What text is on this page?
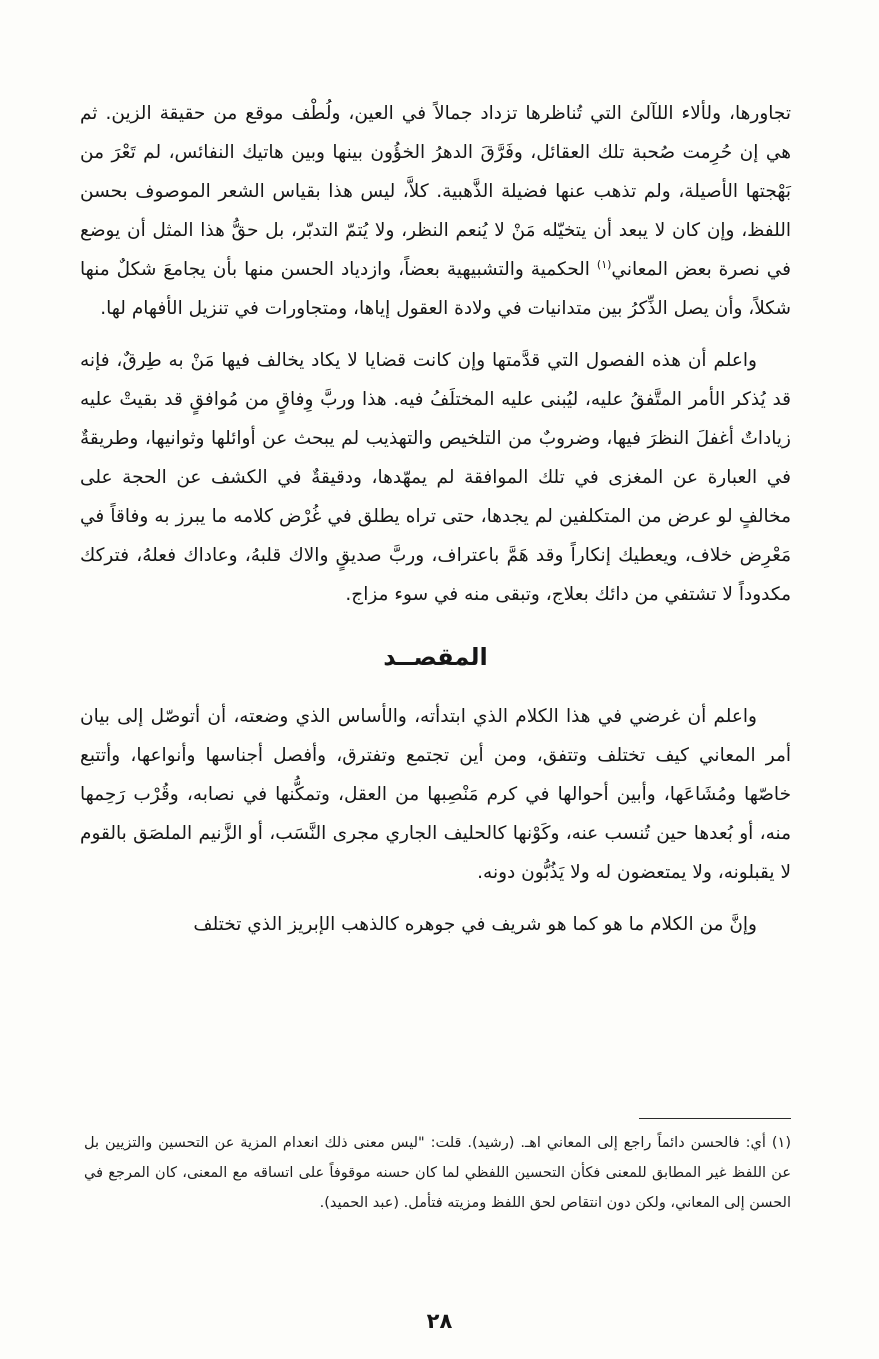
تجاورها، ولألاء اللآلئ التي تُناظرها تزداد جمالاً في العين، ولُطْف موقع من حقيقة الزين. ثم هي إن حُرِمت صُحبة تلك العقائل، وفَرَّقَ الدهرُ الخؤُون بينها وبين هاتيك النفائس، لم تَعْرَ من بَهْجتها الأصيلة، ولم تذهب عنها فضيلة الذَّهبية. كلاَّ، ليس هذا بقياس الشعر الموصوف بحسن اللفظ، وإن كان لا يبعد أن يتخيّله مَنْ لا يُنعم النظر، ولا يُتمّ التدبّر، بل حقُّ هذا المثل أن يوضع في نصرة بعض المعاني$^{(١)}$ الحكمية والتشبيهية بعضاً، وازدياد الحسن منها بأن يجامعَ شكلٌ منها شكلاً، وأن يصل الذِّكرُ بين متدانيات في ولادة العقول إياها، ومتجاورات في تنزيل الأفهام لها.

واعلم أن هذه الفصول التي قدَّمتها وإن كانت قضايا لا يكاد يخالف فيها مَنْ به طِرقٌ، فإنه قد يُذكر الأمر المتَّفقُ عليه، ليُبنى عليه المختلَفُ فيه. هذا وربَّ وِفاقٍ من مُوافقٍ قد بقيتْ عليه زياداتٌ أغفلَ النظرَ فيها، وضروبٌ من التلخيص والتهذيب لم يبحث عن أوائلها وثوانيها، وطريقةٌ في العبارة عن المغزى في تلك الموافقة لم يمهّدها، ودقيقةٌ في الكشف عن الحجة على مخالفٍ لو عرض من المتكلفين لم يجدها، حتى تراه يطلق في غُرْض كلامه ما يبرز به وفاقاً في مَعْرِض خلاف، ويعطيك إنكاراً وقد هَمَّ باعتراف، وربَّ صديقٍ والاك قلبهُ، وعاداك فعلهُ، فتركك مكدوداً لا تشتفي من دائك بعلاج، وتبقى منه في سوء مزاج.

المقصــد

واعلم أن غرضي في هذا الكلام الذي ابتدأته، والأساس الذي وضعته، أن أتوصّل إلى بيان أمر المعاني كيف تختلف وتتفق، ومن أين تجتمع وتفترق، وأفصل أجناسها وأنواعها، وأتتبع خاصّها ومُشَاعَها، وأبين أحوالها في كرم مَنْصِبها من العقل، وتمكُّنها في نصابه، وقُرْب رَحِمها منه، أو بُعدها حين تُنسب عنه، وكَوْنها كالحليف الجاري مجرى النَّسَب، أو الزَّنيم الملصَق بالقوم لا يقبلونه، ولا يمتعضون له ولا يَذُبُّون دونه.

وإنَّ من الكلام ما هو كما هو شريف في جوهره كالذهب الإبريز الذي تختلف

(١) أي: فالحسن دائماً راجع إلى المعاني اهـ. (رشيد). قلت: "ليس معنى ذلك انعدام المزية عن التحسين والتزيين بل عن اللفظ غير المطابق للمعنى فكأن التحسين اللفظي لما كان حسنه موقوفاً على اتساقه مع المعنى، كان المرجع في الحسن إلى المعاني، ولكن دون انتقاص لحق اللفظ ومزيته فتأمل. (عبد الحميد).

٢٨
